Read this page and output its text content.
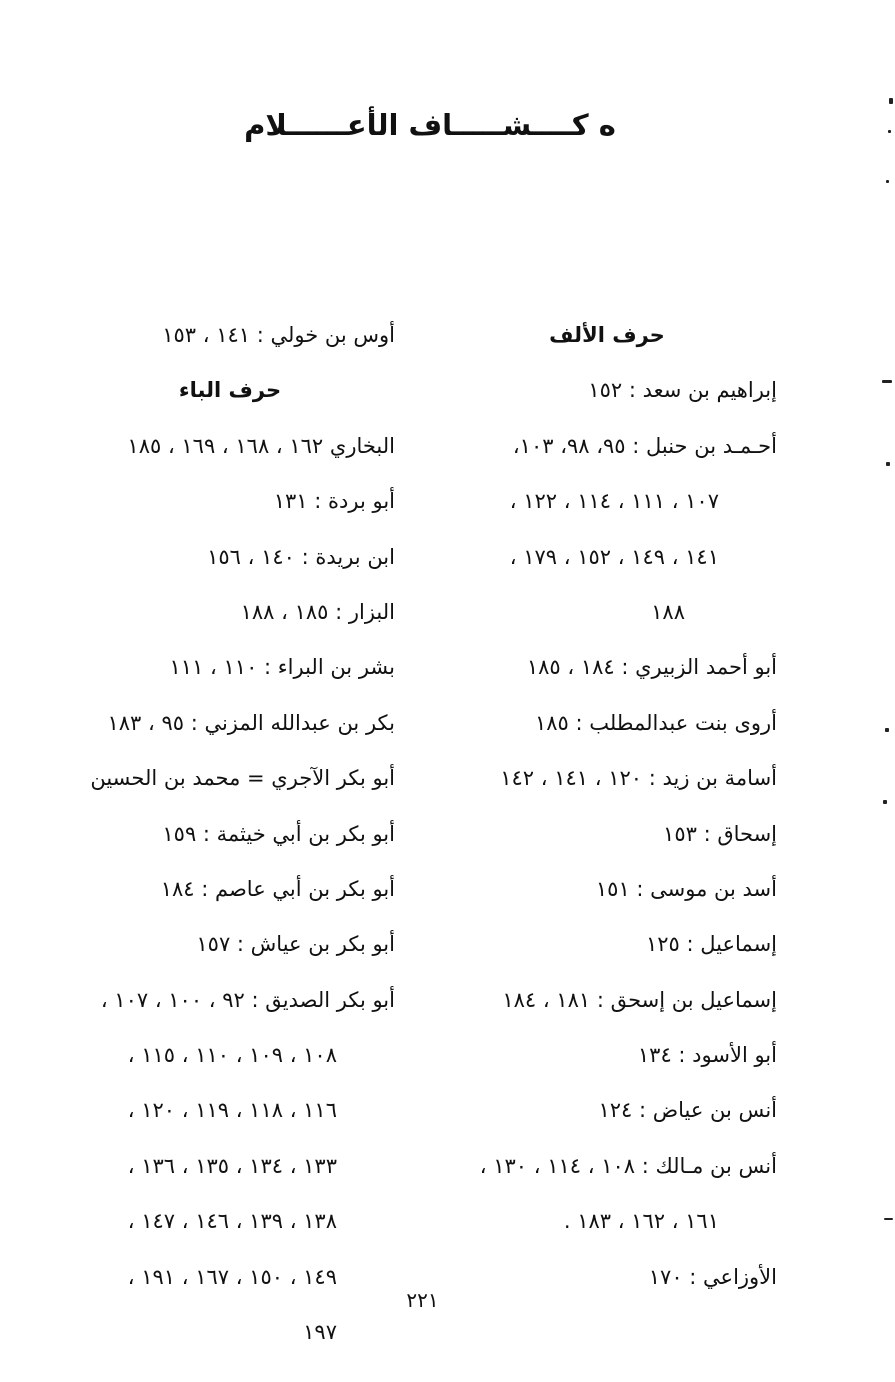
ه كــــشـــــاف الأعــــــلام
حرف الألف
إبراهيم بن سعد : ١٥٢
أحـمـد بن حنبل : ٩٥، ٩٨، ١٠٣،
١٠٧ ، ١١١ ، ١١٤ ، ١٢٢ ،
١٤١ ، ١٤٩ ، ١٥٢ ، ١٧٩ ،
١٨٨
أبو أحمد الزبيري : ١٨٤ ، ١٨٥
أروى بنت عبدالمطلب : ١٨٥
أسامة بن زيد : ١٢٠ ، ١٤١ ، ١٤٢
إسحاق : ١٥٣
أسد بن موسى : ١٥١
إسماعيل : ١٢٥
إسماعيل بن إسحق : ١٨١ ، ١٨٤
أبو الأسود : ١٣٤
أنس بن عياض : ١٢٤
أنس بن مـالك : ١٠٨ ، ١١٤ ، ١٣٠ ،
١٦١ ، ١٦٢ ، ١٨٣ .
الأوزاعي : ١٧٠
أوس بن خولي : ١٤١ ، ١٥٣
حرف الباء
البخاري ١٦٢ ، ١٦٨ ، ١٦٩ ، ١٨٥
أبو بردة : ١٣١
ابن بريدة : ١٤٠ ، ١٥٦
البزار : ١٨٥ ، ١٨٨
بشر بن البراء : ١١٠ ، ١١١
بكر بن عبدالله المزني : ٩٥ ، ١٨٣
أبو بكر الآجري = محمد بن الحسين
أبو بكر بن أبي خيثمة : ١٥٩
أبو بكر بن أبي عاصم : ١٨٤
أبو بكر بن عياش : ١٥٧
أبو بكر الصديق : ٩٢ ، ١٠٠ ، ١٠٧ ،
١٠٨ ، ١٠٩ ، ١١٠ ، ١١٥ ،
١١٦ ، ١١٨ ، ١١٩ ، ١٢٠ ،
١٣٣ ، ١٣٤ ، ١٣٥ ، ١٣٦ ،
١٣٨ ، ١٣٩ ، ١٤٦ ، ١٤٧ ،
١٤٩ ، ١٥٠ ، ١٦٧ ، ١٩١ ،
١٩٧
٢٢١
